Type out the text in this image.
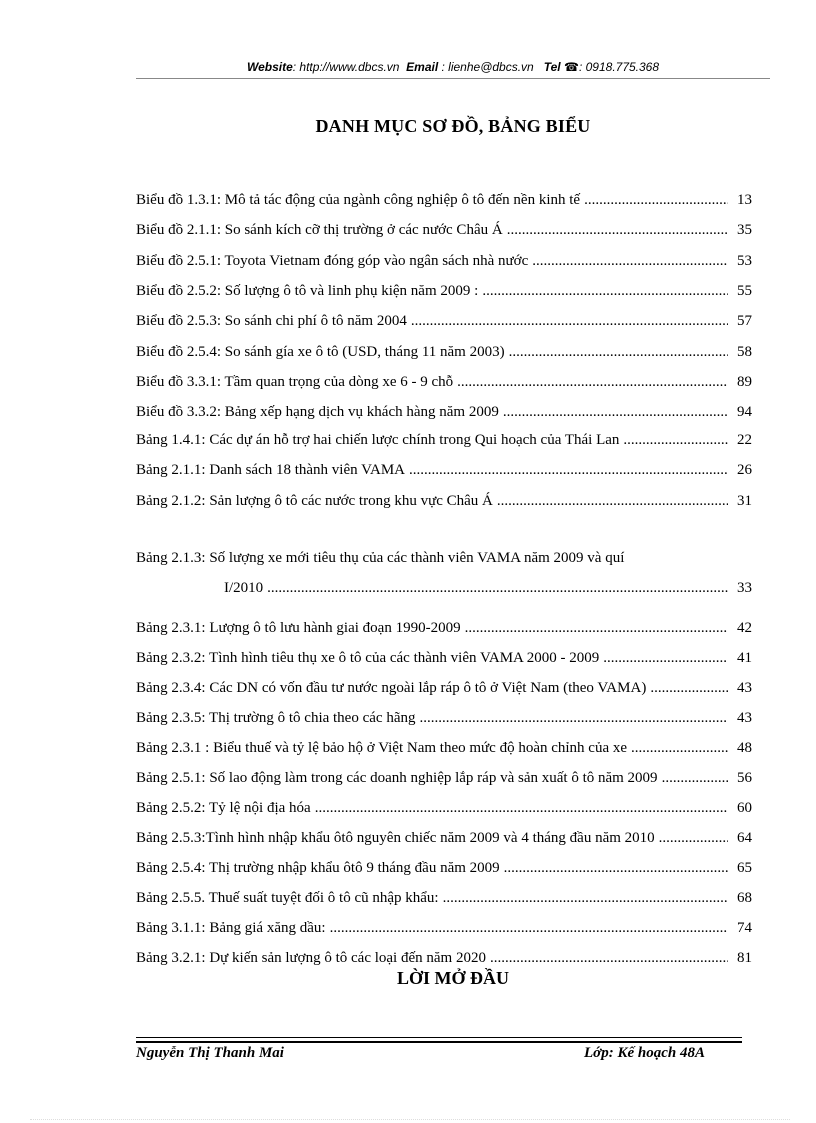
Website: http://www.dbcs.vn Email : lienhe@dbcs.vn Tel ☎: 0918.775.368
DANH MỤC SƠ ĐỒ, BẢNG BIỂU
Biểu đồ 1.3.1: Mô tả tác động của ngành công nghiệp ô tô đến nền kinh tế .....	13
Biểu đồ 2.1.1: So sánh kích cỡ thị trường ở các nước Châu Á .....	35
Biểu đồ 2.5.1: Toyota Vietnam đóng góp vào ngân sách nhà nước .....	53
Biểu đồ 2.5.2: Số lượng ô tô và linh phụ kiện năm 2009 : .....	55
Biểu đồ 2.5.3: So sánh chi phí ô tô năm 2004 .....	57
Biểu đồ 2.5.4: So sánh gía xe ô tô (USD, tháng 11 năm 2003) .....	58
Biểu đồ 3.3.1: Tầm quan trọng của dòng xe 6 - 9 chỗ .....	89
Biểu đồ 3.3.2: Bảng xếp hạng dịch vụ khách hàng năm 2009 .....	94
Bảng 1.4.1: Các dự án hỗ trợ hai chiến lược chính trong Qui hoạch của Thái Lan .....	22
Bảng 2.1.1: Danh sách 18 thành viên VAMA .....	26
Bảng 2.1.2: Sản lượng ô tô các nước trong khu vực Châu Á .....	31
Bảng 2.1.3: Số lượng xe mới tiêu thụ của các thành viên VAMA năm 2009 và quí
I/2010 .....	33
Bảng 2.3.1: Lượng ô tô lưu hành giai đoạn 1990-2009 .....	42
Bảng 2.3.2: Tình hình tiêu thụ xe ô tô của các thành viên VAMA 2000 - 2009 .....	41
Bảng 2.3.4: Các DN có vốn đầu tư nước ngoài lắp ráp ô tô ở Việt Nam (theo VAMA) .....	43
Bảng 2.3.5: Thị trường ô tô chia theo các hãng .....	43
Bảng 2.3.1 : Biểu thuế và tỷ lệ bảo hộ ở Việt Nam theo mức độ hoàn chỉnh của xe .....	48
Bảng 2.5.1: Số lao động làm trong các doanh nghiệp lắp ráp và sản xuất ô tô năm 2009 .....	56
Bảng 2.5.2: Tỷ lệ nội địa hóa .....	60
Bảng 2.5.3:Tình hình nhập khẩu ôtô nguyên chiếc năm 2009 và 4 tháng đầu năm 2010 .....	64
Bảng 2.5.4: Thị trường nhập khẩu ôtô 9 tháng đầu năm 2009 .....	65
Bảng 2.5.5. Thuế suất tuyệt đối ô tô cũ nhập khẩu: .....	68
Bảng 3.1.1: Bảng giá xăng dầu: .....	74
Bảng 3.2.1: Dự kiến sản lượng ô tô các loại đến năm 2020 .....	81
LỜI MỞ ĐẦU
Nguyễn Thị Thanh Mai	Lớp: Kế hoạch 48A
